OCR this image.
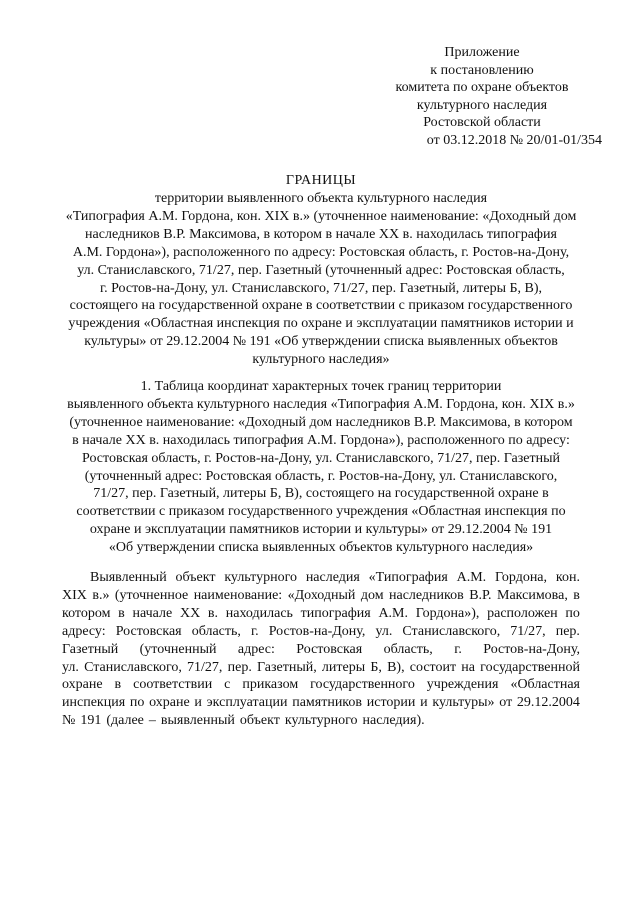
Приложение
к постановлению
комитета по охране объектов
культурного наследия
Ростовской области
от 03.12.2018 № 20/01-01/354
ГРАНИЦЫ
территории выявленного объекта культурного наследия
«Типография А.М. Гордона, кон. XIX в.» (уточненное наименование: «Доходный дом
наследников В.Р. Максимова, в котором в начале XX в. находилась типография
А.М. Гордона»), расположенного по адресу: Ростовская область, г. Ростов-на-Дону,
ул. Станиславского, 71/27, пер. Газетный (уточненный адрес: Ростовская область,
г. Ростов-на-Дону, ул. Станиславского, 71/27, пер. Газетный, литеры Б, В),
состоящего на государственной охране в соответствии с приказом государственного
учреждения «Областная инспекция по охране и эксплуатации памятников истории и
культуры» от 29.12.2004 № 191 «Об утверждении списка выявленных объектов
культурного наследия»
1. Таблица координат характерных точек границ территории
выявленного объекта культурного наследия «Типография А.М. Гордона, кон. XIX в.»
(уточненное наименование: «Доходный дом наследников В.Р. Максимова, в котором
в начале XX в. находилась типография А.М. Гордона»), расположенного по адресу:
Ростовская область, г. Ростов-на-Дону, ул. Станиславского, 71/27, пер. Газетный
(уточненный адрес: Ростовская область, г. Ростов-на-Дону, ул. Станиславского,
71/27, пер. Газетный, литеры Б, В), состоящего на государственной охране в
соответствии с приказом государственного учреждения «Областная инспекция по
охране и эксплуатации памятников истории и культуры» от 29.12.2004 № 191
«Об утверждении списка выявленных объектов культурного наследия»
Выявленный объект культурного наследия «Типография А.М. Гордона, кон.
XIX в.» (уточненное наименование: «Доходный дом наследников В.Р. Максимова, в
котором в начале XX в. находилась типография А.М. Гордона»), расположен по
адресу: Ростовская область, г. Ростов-на-Дону, ул. Станиславского, 71/27, пер.
Газетный (уточненный адрес: Ростовская область, г. Ростов-на-Дону,
ул. Станиславского, 71/27, пер. Газетный, литеры Б, В), состоит на государственной
охране в соответствии с приказом государственного учреждения «Областная
инспекция по охране и эксплуатации памятников истории и культуры» от 29.12.2004
№ 191 (далее – выявленный объект культурного наследия).
